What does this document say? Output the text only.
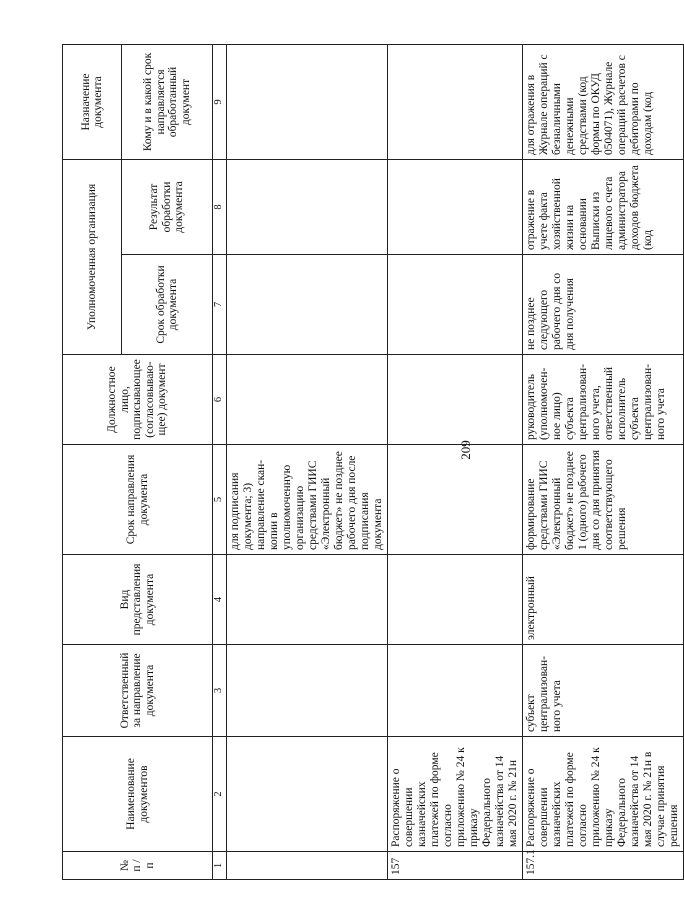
209
№ п / п	Наименование документов	Ответственный за направление документа	Вид представления документа	Срок направления документа	Должностное лицо, подписывающее (согласовываю-щее) документ	Уполномоченная организация		Назначение документа
						Срок обработки документа	Результат обработки документа	Кому и в какой срок направляется обработанный документ
1	2	3	4	5	6	7	8	9
				для подписания документа; 3) направление скан-копии в уполномоченную организацию средствами ГИИС «Электронный бюджет» не позднее рабочего дня после подписания документа				
157	Распоряжение о совершении казначейских платежей по форме согласно приложению № 24 к приказу Федерального казначейства от 14 мая 2020 г. № 21н							
157.1	Распоряжение о совершении казначейских платежей по форме согласно приложению № 24 к приказу Федерального казначейства от 14 мая 2020 г. № 21н в случае принятия решения	субъект централизован-ного учета	электронный	формирование средствами ГИИС «Электронный бюджет» не позднее 1 (одного) рабочего дня со дня принятия соответствующего решения	руководитель (уполномочен-ное лицо) субъекта централизован-ного учета, ответственный исполнитель субъекта централизован-ного учета	не позднее следующего рабочего дня со дня получения	отражение в учете факта хозяйственной жизни на основании Выписки из лицевого счета администратора доходов бюджета (код	для отражения в Журнале операций с безналичными денежными средствами (код формы по ОКУД 0504071), Журнале операций расчетов с дебиторами по доходам (код
